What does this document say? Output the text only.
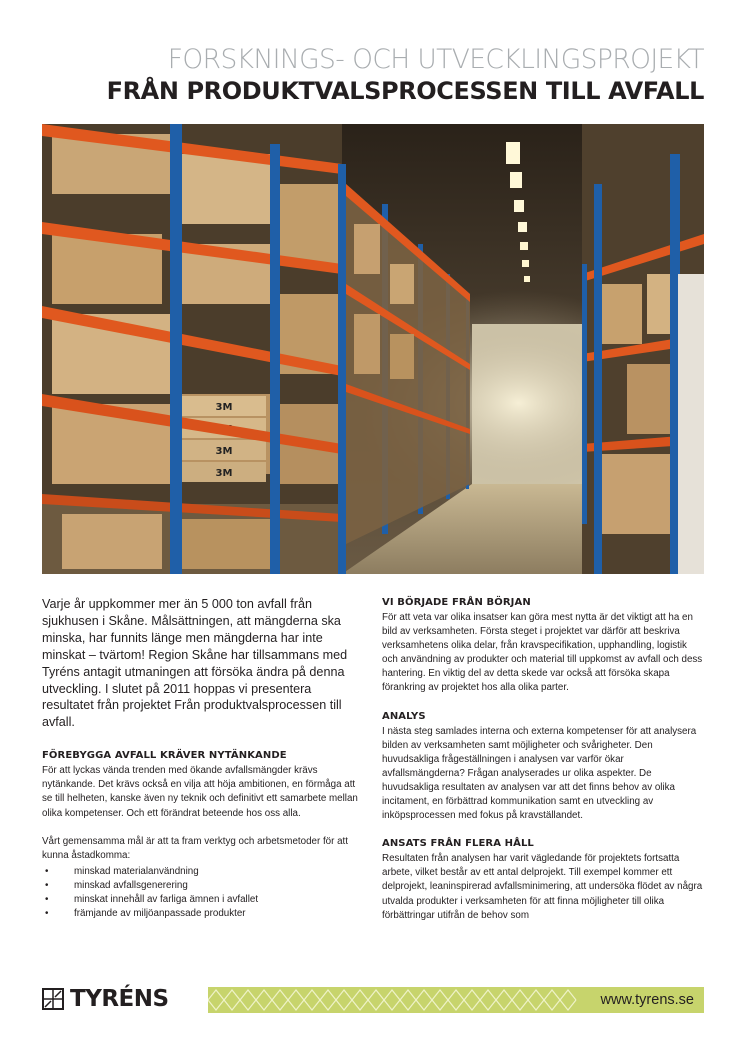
FORSKNINGS- OCH UTVECKLINGSPROJEKT
FRÅN PRODUKTVALSPROCESSEN TILL AVFALL
3M
3M
3M

Varje år uppkommer mer än 5 000 ton avfall från sjukhusen i Skåne. Målsättningen, att mängderna ska minska, har funnits länge men mängderna har inte minskat – tvärtom! Region Skåne har tillsammans med Tyréns antagit utmaningen att försöka ändra på denna utveckling. I slutet på 2011 hoppas vi presentera resultatet från projektet Från produktvalsprocessen till avfall.

FÖREBYGGA AVFALL KRÄVER NYTÄNKANDE

För att lyckas vända trenden med ökande avfallsmängder krävs nytänkande. Det krävs också en vilja att höja ambitionen, en förmåga att se till helheten, kanske även ny teknik och definitivt ett samarbete mellan olika kompetenser. Och ett förändrat beteende hos oss alla.

Vårt gemensamma mål är att ta fram verktyg och arbetsmetoder för att kunna åstadkomma:

•	minskad materialanvändning
•	minskad avfallsgenerering
•	minskat innehåll av farliga ämnen i avfallet
•	främjande av miljöanpassade produkter
VI BÖRJADE FRÅN BÖRJAN

För att veta var olika insatser kan göra mest nytta är det viktigt att ha en bild av verksamheten. Första steget i projektet var därför att beskriva verksamhetens olika delar, från kravspecifikation, upphandling, logistik och användning av produkter och material till uppkomst av avfall och dess hantering. En viktig del av detta skede var också att försöka skapa förankring av projektet hos alla olika parter.

ANALYS

I nästa steg samlades interna och externa kompetenser för att analysera bilden av verksamheten samt möjligheter och svårigheter. Den huvudsakliga frågeställningen i analysen var varför ökar avfallsmängderna? Frågan analyserades ur olika aspekter. De huvudsakliga resultaten av analysen var att det finns behov av olika incitament, en förbättrad kommunikation samt en utveckling av inköpsprocessen med fokus på kravställandet.

ANSATS FRÅN FLERA HÅLL

Resultaten från analysen har varit vägledande för projektets fortsatta arbete, vilket består av ett antal delprojekt. Till exempel kommer ett delprojekt, leaninspirerad avfallsminimering, att undersöka flödet av några utvalda produkter i verksamheten för att finna möjligheter till olika förbättringar utifrån de behov som

TYRÉNS	www.tyrens.se
